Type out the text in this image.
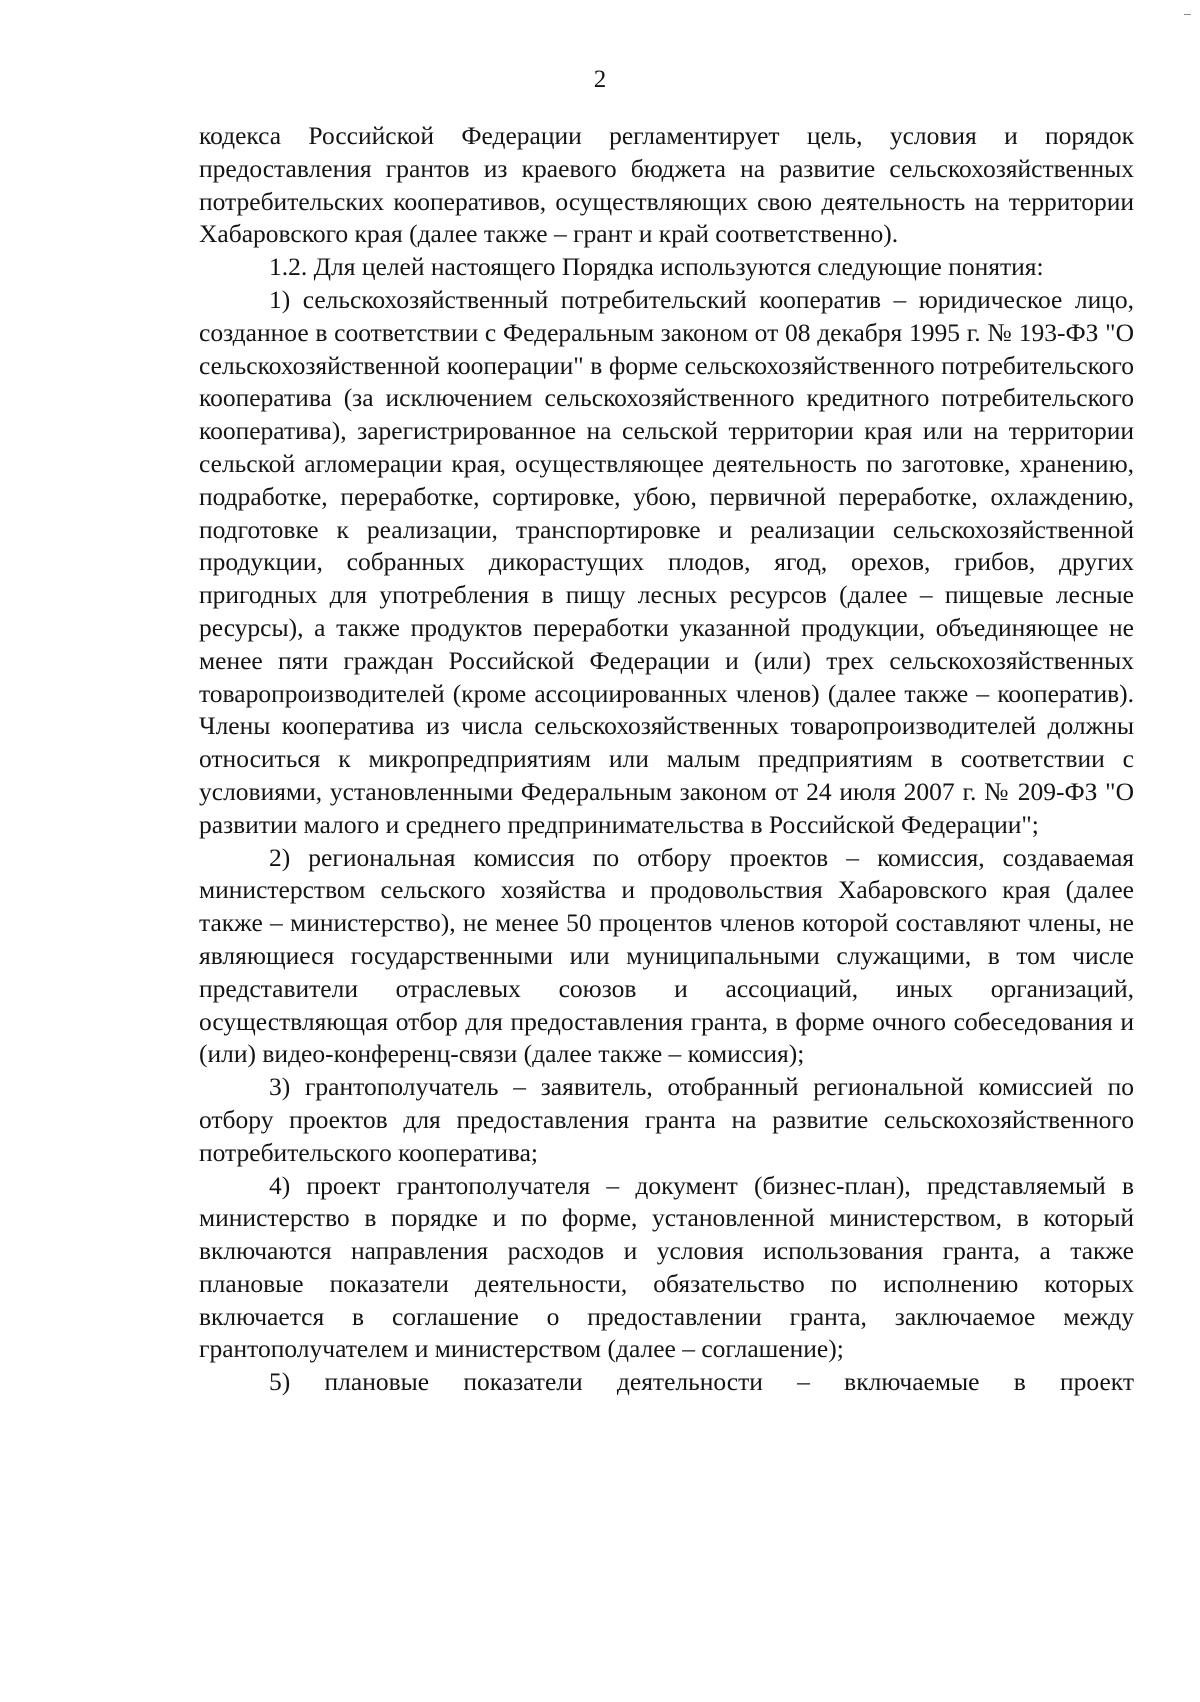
2

кодекса Российской Федерации регламентирует цель, условия и порядок предоставления грантов из краевого бюджета на развитие сельскохозяйственных потребительских кооперативов, осуществляющих свою деятельность на территории Хабаровского края (далее также – грант и край соответственно).

1.2. Для целей настоящего Порядка используются следующие понятия:

1) сельскохозяйственный потребительский кооператив – юридическое лицо, созданное в соответствии с Федеральным законом от 08 декабря 1995 г. № 193-ФЗ "О сельскохозяйственной кооперации" в форме сельскохозяйственного потребительского кооператива (за исключением сельскохозяйственного кредитного потребительского кооператива), зарегистрированное на сельской территории края или на территории сельской агломерации края, осуществляющее деятельность по заготовке, хранению, подработке, переработке, сортировке, убою, первичной переработке, охлаждению, подготовке к реализации, транспортировке и реализации сельскохозяйственной продукции, собранных дикорастущих плодов, ягод, орехов, грибов, других пригодных для употребления в пищу лесных ресурсов (далее – пищевые лесные ресурсы), а также продуктов переработки указанной продукции, объединяющее не менее пяти граждан Российской Федерации и (или) трех сельскохозяйственных товаропроизводителей (кроме ассоциированных членов) (далее также – кооператив). Члены кооператива из числа сельскохозяйственных товаропроизводителей должны относиться к микропредприятиям или малым предприятиям в соответствии с условиями, установленными Федеральным законом от 24 июля 2007 г. № 209-ФЗ "О развитии малого и среднего предпринимательства в Российской Федерации";

2) региональная комиссия по отбору проектов – комиссия, создаваемая министерством сельского хозяйства и продовольствия Хабаровского края (далее также – министерство), не менее 50 процентов членов которой составляют члены, не являющиеся государственными или муниципальными служащими, в том числе представители отраслевых союзов и ассоциаций, иных организаций, осуществляющая отбор для предоставления гранта, в форме очного собеседования и (или) видео-конференц-связи (далее также – комиссия);

3) грантополучатель – заявитель, отобранный региональной комиссией по отбору проектов для предоставления гранта на развитие сельскохозяйственного потребительского кооператива;

4) проект грантополучателя – документ (бизнес-план), представляемый в министерство в порядке и по форме, установленной министерством, в который включаются направления расходов и условия использования гранта, а также плановые показатели деятельности, обязательство по исполнению которых включается в соглашение о предоставлении гранта, заключаемое между грантополучателем и министерством (далее – соглашение);

5) плановые показатели деятельности – включаемые в проект
